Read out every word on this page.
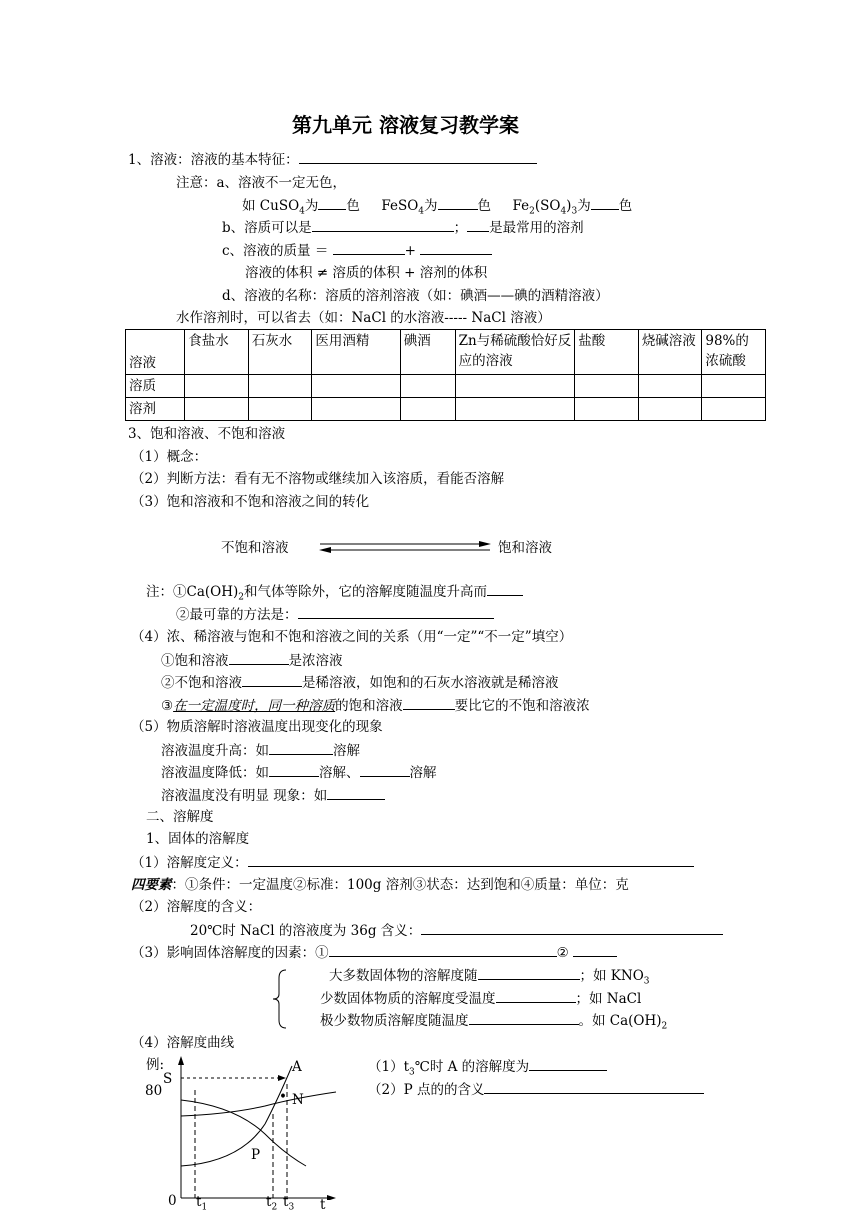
第九单元 溶液复习教学案
1、溶液：溶液的基本特征：
注意：a、溶液不一定无色，
如 CuSO$_4$为 色 FeSO$_4$为	色 $Fe_2(SO_4)_3$为 色
b、溶质可以是	； 是最常用的溶剂
c、溶液的质量 ＝	+
溶液的体积 ≠ 溶质的体积 + 溶剂的体积
d、溶液的名称：溶质的溶剂溶液（如：碘酒——碘的酒精溶液）
水作溶剂时，可以省去（如：NaCl 的水溶液----- NaCl 溶液）
溶液	食盐水	石灰水	医用酒精	碘酒	Zn与稀硫酸恰好反应的溶液	盐酸	烧碱溶液	98%的浓硫酸
溶质								
溶剂								
3、饱和溶液、不饱和溶液
（1）概念：
（2）判断方法：看有无不溶物或继续加入该溶质，看能否溶解
（3）饱和溶液和不饱和溶液之间的转化
不饱和溶液	饱和溶液
注：$①Ca(OH)_2$和气体等除外，它的溶解度随温度升高而
②最可靠的方法是：
（4）浓、稀溶液与饱和不饱和溶液之间的关系（用“一定”“不一定”填空）
①饱和溶液	是浓溶液
②不饱和溶液	是稀溶液，如饱和的石灰水溶液就是稀溶液
③在一定温度时，同一种溶质的饱和溶液	要比它的不饱和溶液浓
（5）物质溶解时溶液温度出现变化的现象
溶液温度升高：如	溶解
溶液温度降低：如	溶解、	溶解
溶液温度没有明显 现象：如
二、溶解度
1、固体的溶解度
（1）溶解度定义：
四要素：①条件：一定温度②标准：100g 溶剂③状态：达到饱和④质量：单位：克
（2）溶解度的含义：
20℃时 NaCl 的溶液度为 36g 含义：
（3）影响固体溶解度的因素：①	②
大多数固体物的溶解度随	；如 $KNO_3$
少数固体物质的溶解度受温度	；如 NaCl
极少数物质溶解度随温度	。如 $Ca(OH)_2$
（4）溶解度曲线
例:
S
80
A
• N
P
0 $t_1$	$t_2$ $t_3$ t
$(1)t_3℃$时 A 的溶解度为
（2）P 点的的含义
